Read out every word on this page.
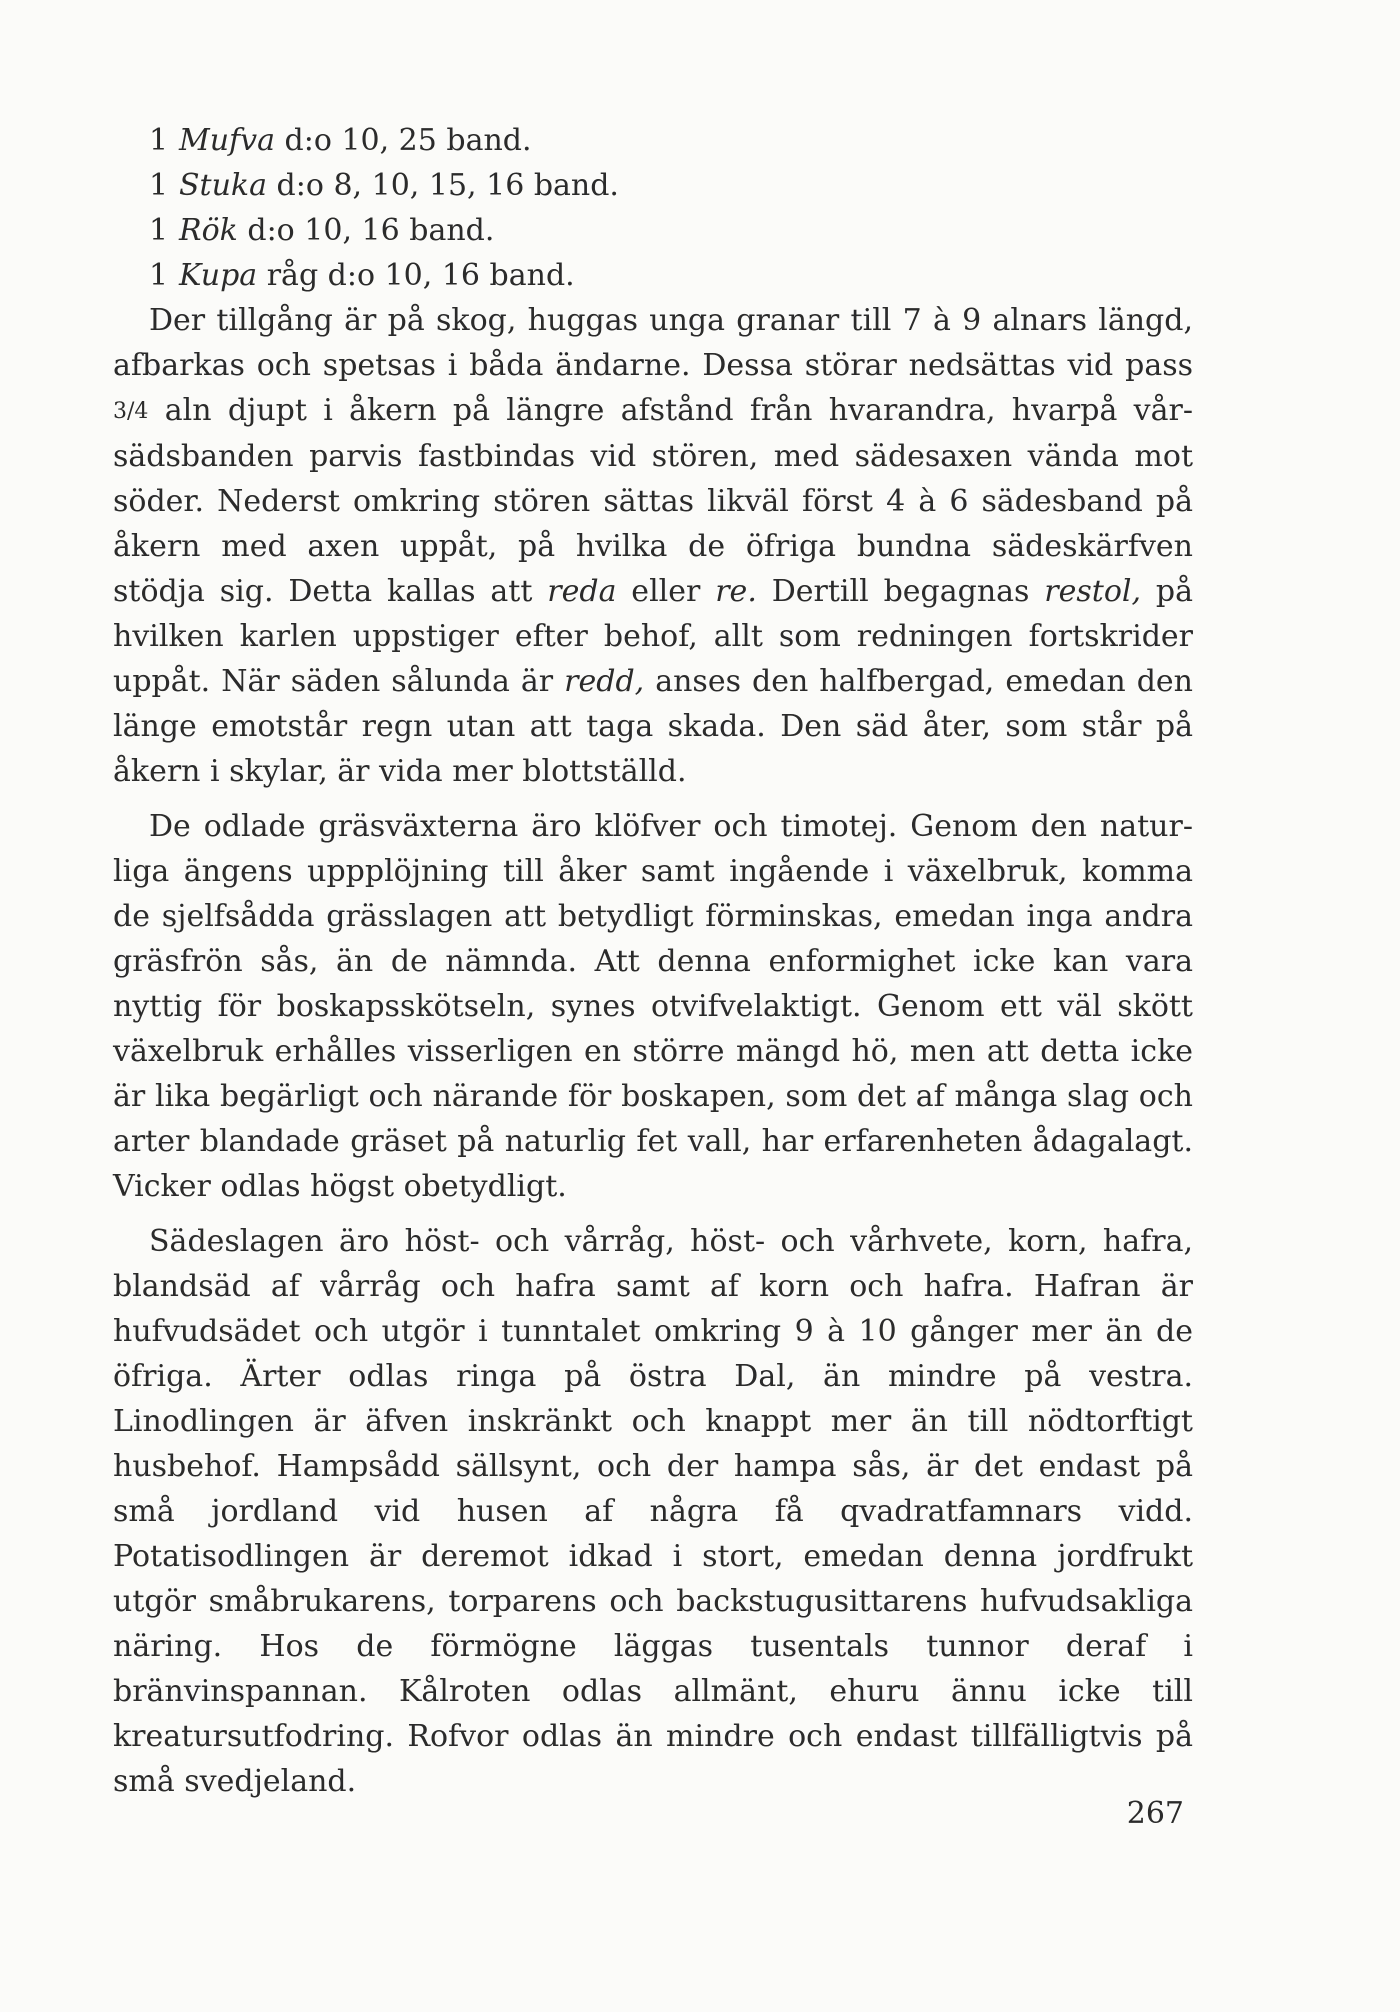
1 Mufva d:o 10, 25 band.
1 Stuka d:o 8, 10, 15, 16 band.
1 Rök d:o 10, 16 band.
1 Kupa råg d:o 10, 16 band.

Der tillgång är på skog, huggas unga granar till 7 à 9 alnars längd, afbarkas och spetsas i båda ändarne. Dessa störar nedsättas vid pass 3/4 aln djupt i åkern på längre afstånd från hvarandra, hvarpå vårsädsbanden parvis fastbindas vid stören, med sädesaxen vända mot söder. Nederst omkring stören sättas likväl först 4 à 6 sädesband på åkern med axen uppåt, på hvilka de öfriga bundna sädeskärfven stödja sig. Detta kallas att reda eller re. Dertill begagnas restol, på hvilken karlen uppstiger efter behof, allt som redningen fortskrider uppåt. När säden sålunda är redd, anses den halfbergad, emedan den länge emotstår regn utan att taga skada. Den säd åter, som står på åkern i skylar, är vida mer blottställd.

De odlade gräsväxterna äro klöfver och timotej. Genom den naturliga ängens uppplöjning till åker samt ingående i växelbruk, komma de sjelfsådda grässlagen att betydligt förminskas, emedan inga andra gräsfrön sås, än de nämnda. Att denna enformighet icke kan vara nyttig för boskapsskötseln, synes otvifvelaktigt. Genom ett väl skött växelbruk erhålles visserligen en större mängd hö, men att detta icke är lika begärligt och närande för boskapen, som det af många slag och arter blandade gräset på naturlig fet vall, har erfarenheten ådagalagt. Vicker odlas högst obetydligt.

Sädeslagen äro höst- och vårråg, höst- och vårhvete, korn, hafra, blandsäd af vårråg och hafra samt af korn och hafra. Hafran är hufvudsädet och utgör i tunntalet omkring 9 à 10 gånger mer än de öfriga. Ärter odlas ringa på östra Dal, än mindre på vestra. Linodlingen är äfven inskränkt och knappt mer än till nödtorftigt husbehof. Hampsådd sällsynt, och der hampa sås, är det endast på små jordland vid husen af några få qvadratfamnars vidd. Potatisodlingen är deremot idkad i stort, emedan denna jordfrukt utgör småbrukarens, torparens och backstugusittarens hufvudsakliga näring. Hos de förmögne läggas tusentals tunnor deraf i bränvinspannan. Kålroten odlas allmänt, ehuru ännu icke till kreatursutfodring. Rofvor odlas än mindre och endast tillfälligtvis på små svedjeland.

267
